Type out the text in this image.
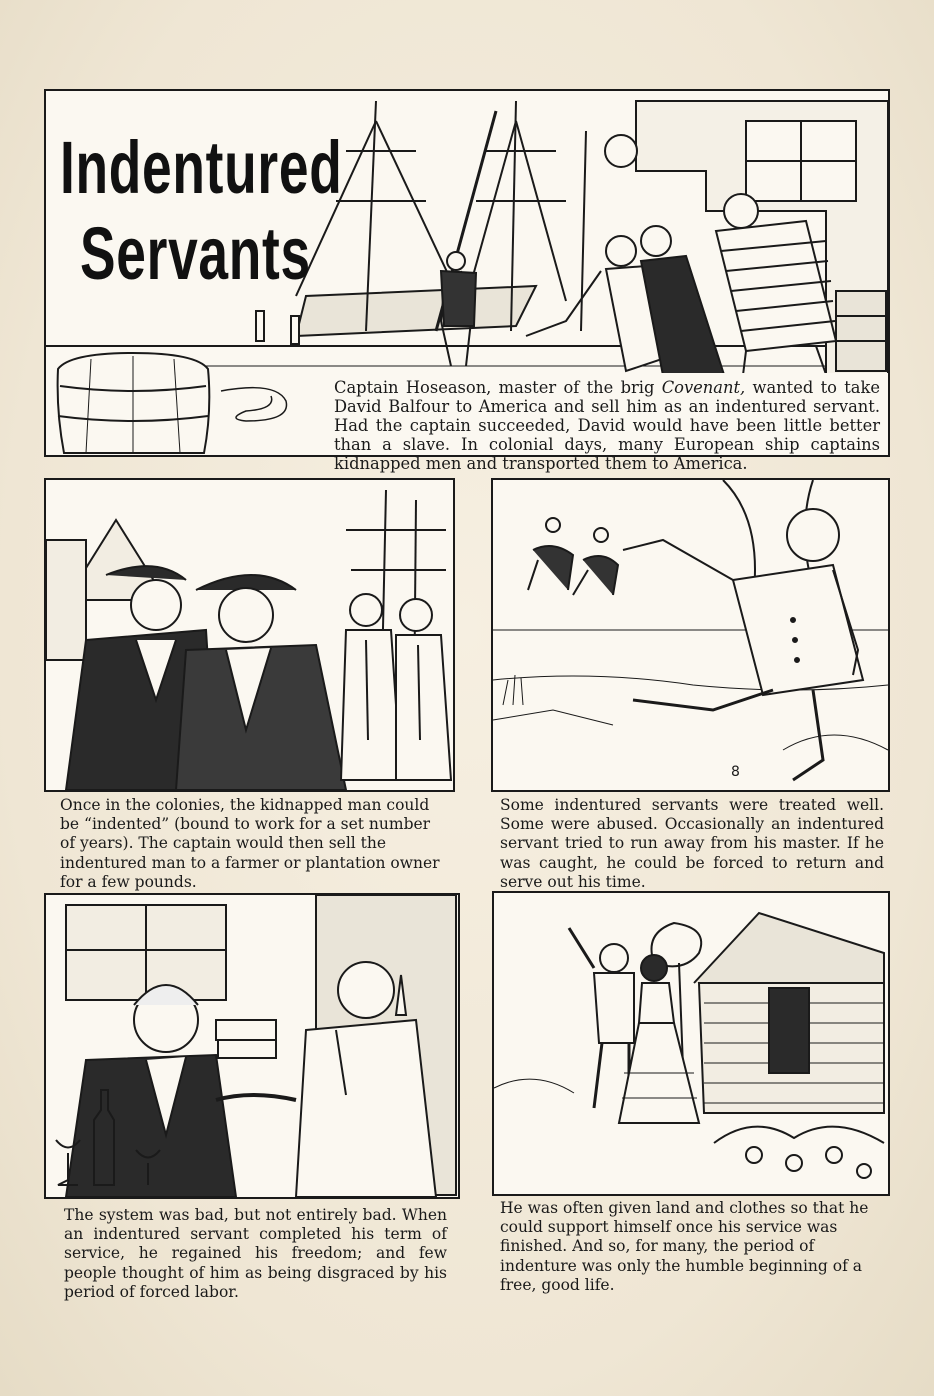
Indentured
Servants

Captain Hoseason, master of the brig Covenant, wanted to take David Balfour to America and sell him as an indentured servant. Had the captain succeeded, David would have been little better than a slave. In colonial days, many European ship captains kidnapped men and transported them to America.

Once in the colonies, the kidnapped man could be “indented” (bound to work for a set number of years). The captain would then sell the indentured man to a farmer or plantation owner for a few pounds.

8

Some indentured servants were treated well. Some were abused. Occasionally an indentured servant tried to run away from his master. If he was caught, he could be forced to return and serve out his time.

The system was bad, but not entirely bad. When an indentured servant completed his term of service, he regained his freedom; and few people thought of him as being disgraced by his period of forced labor.

He was often given land and clothes so that he could support himself once his service was finished. And so, for many, the period of indenture was only the humble beginning of a free, good life.
